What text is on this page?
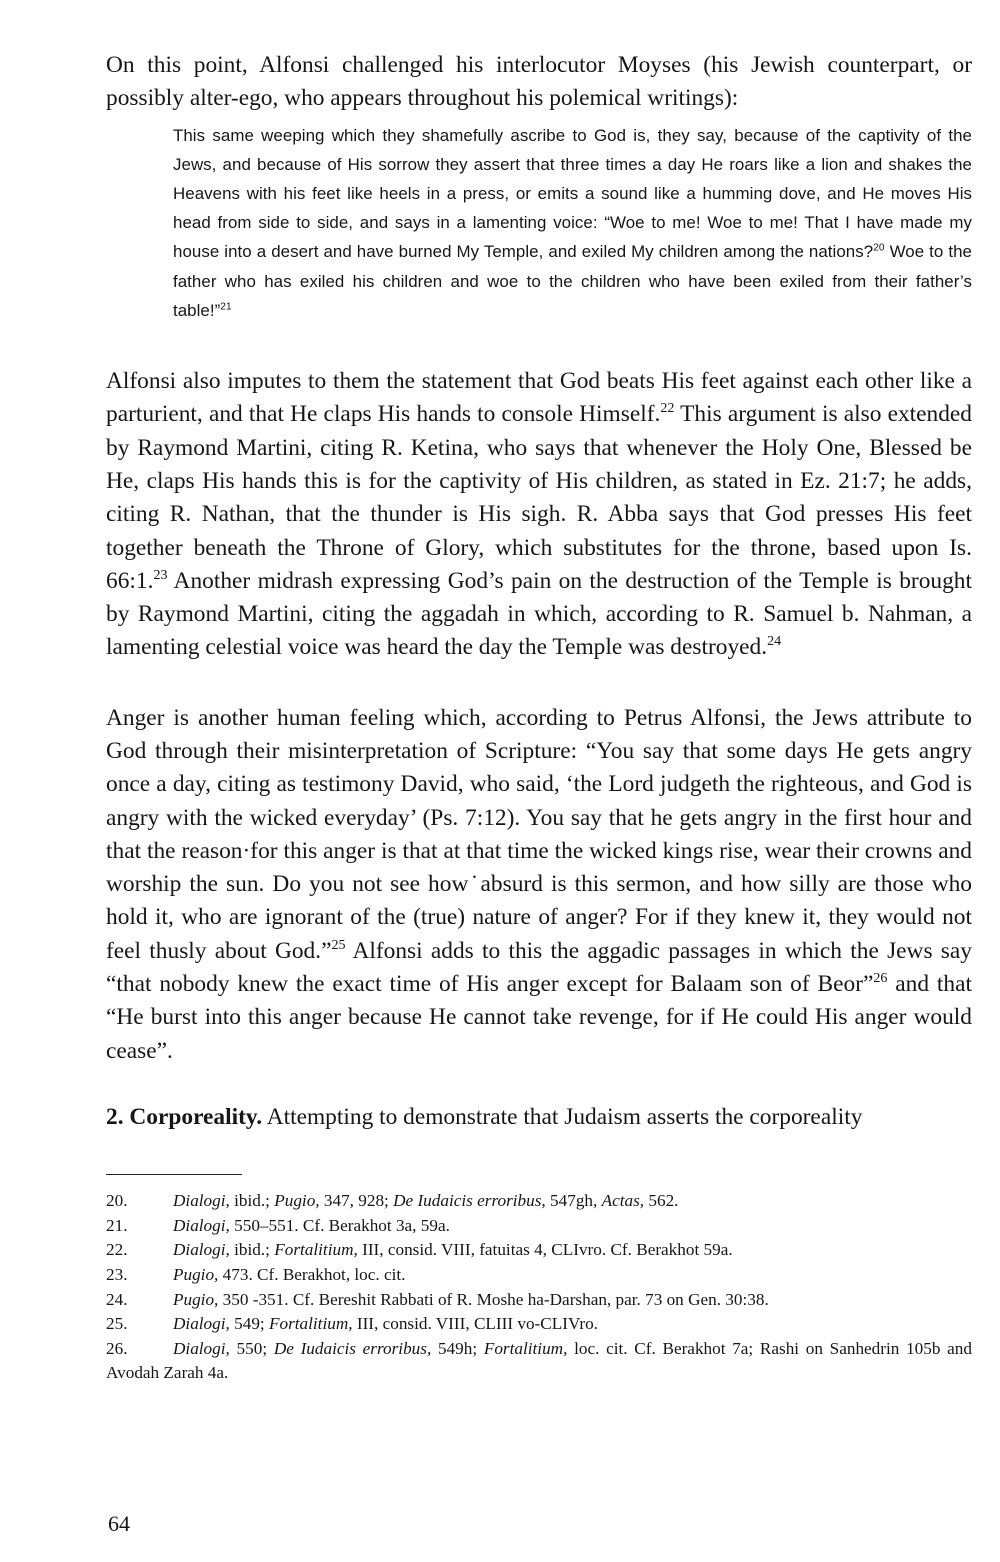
On this point, Alfonsi challenged his interlocutor Moyses (his Jewish counterpart, or possibly alter-ego, who appears throughout his polemical writings):

This same weeping which they shamefully ascribe to God is, they say, because of the captivity of the Jews, and because of His sorrow they assert that three times a day He roars like a lion and shakes the Heavens with his feet like heels in a press, or emits a sound like a humming dove, and He moves His head from side to side, and says in a lamenting voice: “Woe to me! Woe to me! That I have made my house into a desert and have burned My Temple, and exiled My children among the nations?$^{20}$ Woe to the father who has exiled his children and woe to the children who have been exiled from their father’s table!”$^{21}$

Alfonsi also imputes to them the statement that God beats His feet against each other like a parturient, and that He claps His hands to console Himself.$^{22}$ This argument is also extended by Raymond Martini, citing R. Ketina, who says that whenever the Holy One, Blessed be He, claps His hands this is for the captivity of His children, as stated in Ez. 21:7; he adds, citing R. Nathan, that the thunder is His sigh. R. Abba says that God presses His feet together beneath the Throne of Glory, which substitutes for the throne, based upon Is. 66:1.23 Another midrash expressing God’s pain on the destruction of the Temple is brought by Raymond Martini, citing the aggadah in which, according to R. Samuel b. Nahman, a lamenting celestial voice was heard the day the Temple was destroyed.$^{24}$

Anger is another human feeling which, according to Petrus Alfonsi, the Jews attribute to God through their misinterpretation of Scripture: “You say that some days He gets angry once a day, citing as testimony David, who said, ‘the Lord judgeth the righteous, and God is angry with the wicked everyday’ (Ps. 7:12). You say that he gets angry in the first hour and that the reason·for this anger is that at that time the wicked kings rise, wear their crowns and worship the sun. Do you not see how˙absurd is this sermon, and how silly are those who hold it, who are ignorant of the (true) nature of anger? For if they knew it, they would not feel thusly about God.”$^{25}$ Alfonsi adds to this the aggadic passages in which the Jews say “that nobody knew the exact time of His anger except for Balaam son of Beor”$^{26}$ and that “He burst into this anger because He cannot take revenge, for if He could His anger would cease”.

2. Corporeality. Attempting to demonstrate that Judaism asserts the corporeality

20.	Dialogi, ibid.; Pugio, 347, 928; De Iudaicis erroribus, 547gh, Actas, 562.
21.	Dialogi, 550–551. Cf. Berakhot 3a, 59a.
22.	Dialogi, ibid.; Fortalitium, III, consid. VIII, fatuitas 4, CLIvro. Cf. Berakhot 59a.
23.	Pugio, 473. Cf. Berakhot, loc. cit.
24.	Pugio, 350 -351. Cf. Bereshit Rabbati of R. Moshe ha-Darshan, par. 73 on Gen. 30:38.
25.	Dialogi, 549; Fortalitium, III, consid. VIII, CLIII vo-CLIVro.
26.	Dialogi, 550; De Iudaicis erroribus, 549h; Fortalitium, loc. cit. Cf. Berakhot 7a; Rashi on Sanhedrin 105b and Avodah Zarah 4a.
64
